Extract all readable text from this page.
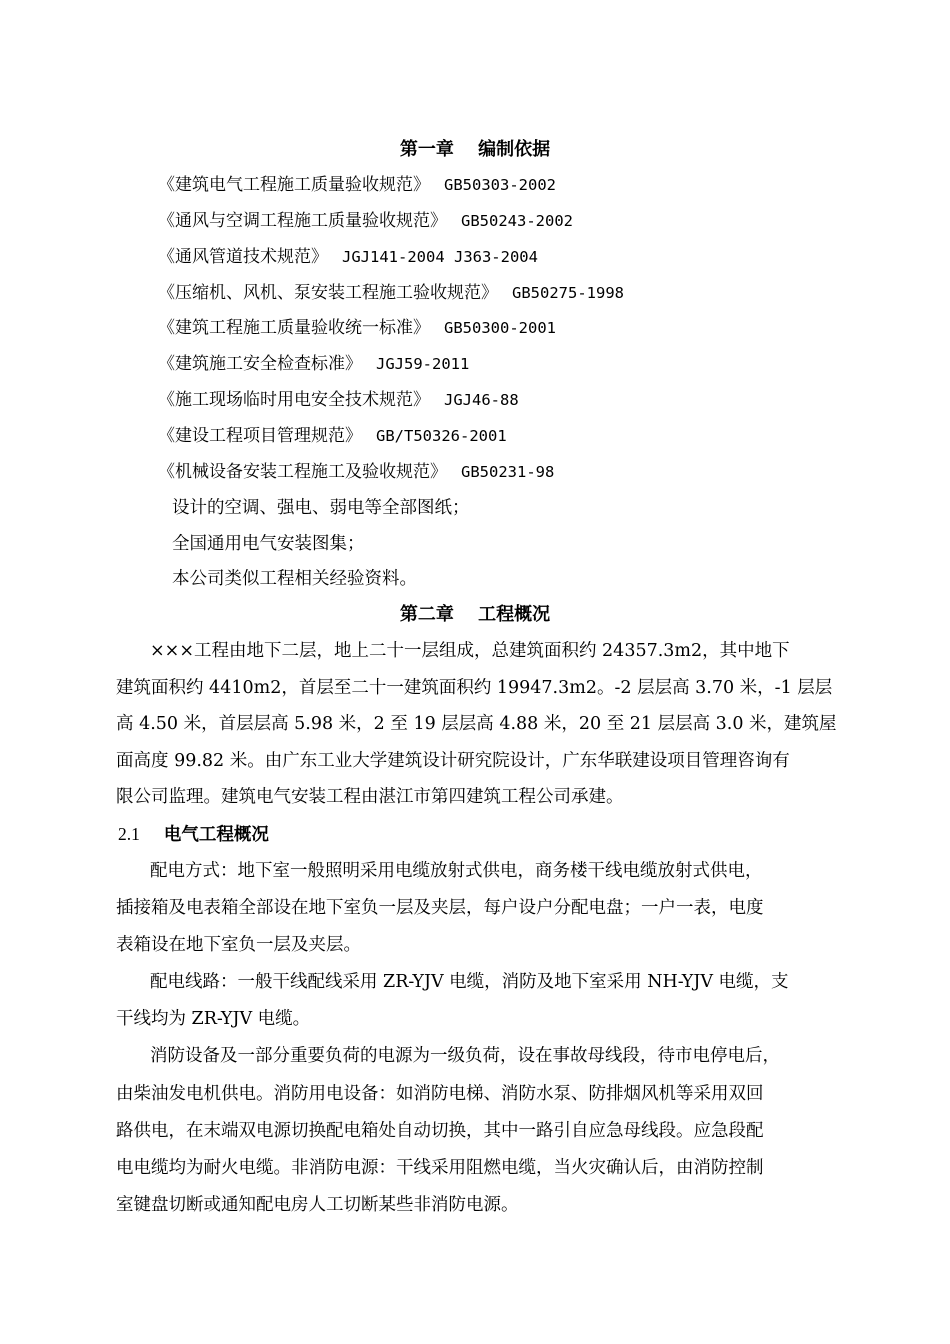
第一章　 编制依据
《建筑电气工程施工质量验收规范》 GB50303-2002
《通风与空调工程施工质量验收规范》 GB50243-2002
《通风管道技术规范》 JGJ141-2004 J363-2004
《压缩机、风机、泵安装工程施工验收规范》 GB50275-1998
《建筑工程施工质量验收统一标准》 GB50300-2001
《建筑施工安全检查标准》 JGJ59-2011
《施工现场临时用电安全技术规范》 JGJ46-88
《建设工程项目管理规范》 GB/T50326-2001
《机械设备安装工程施工及验收规范》 GB50231-98
设计的空调、强电、弱电等全部图纸；
全国通用电气安装图集；
本公司类似工程相关经验资料。
第二章　 工程概况
×××工程由地下二层，地上二十一层组成，总建筑面积约 24357.3m2，其中地下
建筑面积约 4410m2，首层至二十一建筑面积约 19947.3m2。-2 层层高 3.70 米，-1 层层
高 4.50 米，首层层高 5.98 米，2 至 19 层层高 4.88 米，20 至 21 层层高 3.0 米，建筑屋
面高度 99.82 米。由广东工业大学建筑设计研究院设计，广东华联建设项目管理咨询有
限公司监理。建筑电气安装工程由湛江市第四建筑工程公司承建。
2.1 电气工程概况
配电方式：地下室一般照明采用电缆放射式供电，商务楼干线电缆放射式供电，
插接箱及电表箱全部设在地下室负一层及夹层，每户设户分配电盘；一户一表，电度
表箱设在地下室负一层及夹层。
配电线路：一般干线配线采用 ZR-YJV 电缆，消防及地下室采用 NH-YJV 电缆，支
干线均为 ZR-YJV 电缆。
消防设备及一部分重要负荷的电源为一级负荷，设在事故母线段，待市电停电后，
由柴油发电机供电。消防用电设备：如消防电梯、消防水泵、防排烟风机等采用双回
路供电，在末端双电源切换配电箱处自动切换，其中一路引自应急母线段。应急段配
电电缆均为耐火电缆。非消防电源：干线采用阻燃电缆，当火灾确认后，由消防控制
室键盘切断或通知配电房人工切断某些非消防电源。
